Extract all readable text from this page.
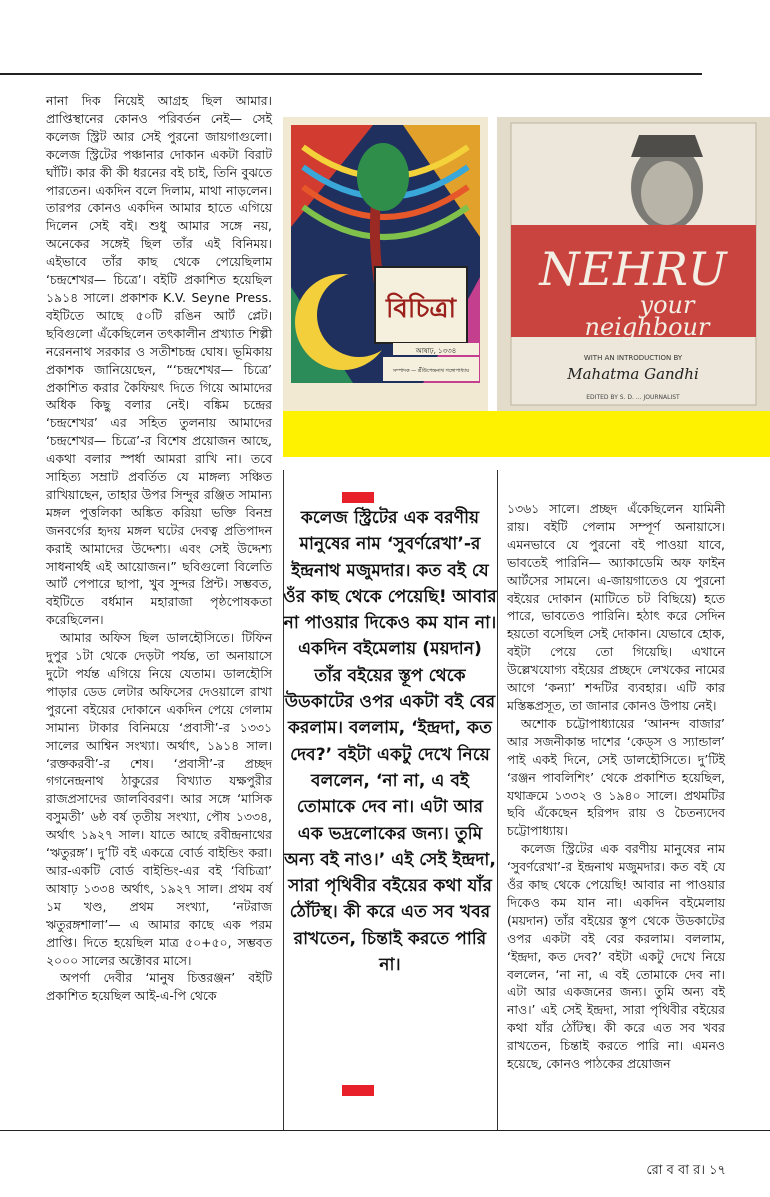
নানা দিক নিয়েই আগ্রহ ছিল আমার। প্রাপ্তিস্থানের কোনও পরিবর্তন নেই— সেই কলেজ স্ট্রিট আর সেই পুরনো জায়গাগুলো। কলেজ স্ট্রিটের পঞ্চানার দোকান একটা বিরাট ঘাঁটি। কার কী কী ধরনের বই চাই, তিনি বুঝতে পারতেন। একদিন বলে দিলাম, মাথা নাড়লেন। তারপর কোনও একদিন আমার হাতে এগিয়ে দিলেন সেই বই। শুধু আমার সঙ্গে নয়, অনেকের সঙ্গেই ছিল তাঁর এই বিনিময়। এইভাবে তাঁর কাছ থেকে পেয়েছিলাম ‘চন্দ্রশেখর— চিত্রে’। বইটি প্রকাশিত হয়েছিল ১৯১৪ সালে। প্রকাশক K.V. Seyne Press. বইটিতে আছে ৫০টি রঙিন আর্ট প্লেট। ছবিগুলো এঁকেছিলেন তৎকালীন প্রখ্যাত শিল্পী নরেননাথ সরকার ও সতীশচন্দ্র ঘোষ। ভূমিকায় প্রকাশক জানিয়েছেন, “‘চন্দ্রশেখর— চিত্রে’ প্রকাশিত করার কৈফিয়ৎ দিতে গিয়ে আমাদের অধিক কিছু বলার নেই। বঙ্কিম চন্দ্রের ‘চন্দ্রশেখর’ এর সহিত তুলনায় আমাদের ‘চন্দ্রশেখর— চিত্রে’-র বিশেষ প্রয়োজন আছে, একথা বলার স্পর্ধা আমরা রাখি না। তবে সাহিত্য সম্রাট প্রবর্তিত যে মাঙ্গল্য সঞ্চিত রাখিয়াছেন, তাহার উপর সিন্দুর রঞ্জিত সামান্য মঙ্গল পুত্তলিকা অঙ্কিত করিয়া ভক্তি বিনম্র জনবর্গের হৃদয় মঙ্গল ঘটের দেবত্ব প্রতিপাদন করাই আমাদের উদ্দেশ্য। এবং সেই উদ্দেশ্য সাধনার্থই এই আয়োজন।” ছবিগুলো বিলেতি আর্ট পেপারে ছাপা, খুব সুন্দর প্রিন্ট। সম্ভবত, বইটিতে বর্ধমান মহারাজা পৃষ্ঠপোষকতা করেছিলেন।

আমার অফিস ছিল ডালহৌসিতে। টিফিন দুপুর ১টা থেকে দেড়টা পর্যন্ত, তা অনায়াসে দুটো পর্যন্ত এগিয়ে নিয়ে যেতাম। ডালহৌসি পাড়ার ডেড লেটার অফিসের দেওয়ালে রাখা পুরনো বইয়ের দোকানে একদিন পেয়ে গেলাম সামান্য টাকার বিনিময়ে ‘প্রবাসী’-র ১৩৩১ সালের আশ্বিন সংখ্যা। অর্থাৎ, ১৯১৪ সাল। ‘রক্তকরবী’-র শেষ। ‘প্রবাসী’-র প্রচ্ছদ গগনেন্দ্রনাথ ঠাকুরের বিখ্যাত যক্ষপুরীর রাজপ্রসাদের জালবিবরণ। আর সঙ্গে ‘মাসিক বসুমতী’ ৬ষ্ঠ বর্ষ তৃতীয় সংখ্যা, পৌষ ১৩৩৪, অর্থাৎ ১৯২৭ সাল। যাতে আছে রবীন্দ্রনাথের ‘ঋতুরঙ্গ’। দু’টি বই একত্রে বোর্ড বাইন্ডিং করা। আর-একটি বোর্ড বাইন্ডিং-এর বই ‘বিচিত্রা’ আষাঢ় ১৩৩৪ অর্থাৎ, ১৯২৭ সাল। প্রথম বর্ষ ১ম খণ্ড, প্রথম সংখ্যা, ‘নটরাজ ঋতুরঙ্গশালা’— এ আমার কাছে এক পরম প্রাপ্তি। দিতে হয়েছিল মাত্র ৫০+৫০, সম্ভবত ২০০০ সালের অক্টোবর মাসে।

অপর্ণা দেবীর ‘মানুষ চিত্তরঞ্জন’ বইটি প্রকাশিত হয়েছিল আই-এ-পি থেকে

বিচিত্রা
আষাঢ়, ১৩৩৪
সম্পাদক — শ্রীউপেন্দ্রনাথ গঙ্গোপাধ্যায়
NEHRU
your
neighbour
WITH AN INTRODUCTION BY
Mahatma Gandhi
EDITED BY S. D. ... JOURNALIST
কলেজ স্ট্রিটের এক বরণীয় মানুষের নাম ‘সুবর্ণরেখা’-র ইন্দ্রনাথ মজুমদার। কত বই যে ওঁর কাছ থেকে পেয়েছি! আবার না পাওয়ার দিকেও কম যান না। একদিন বইমেলায় (ময়দান) তাঁর বইয়ের স্তূপ থেকে উডকাটের ওপর একটা বই বের করলাম। বললাম, ‘ইন্দ্রদা, কত দেব?’ বইটা একটু দেখে নিয়ে বললেন, ‘না না, এ বই তোমাকে দেব না। এটা আর এক ভদ্রলোকের জন্য। তুমি অন্য বই নাও।’ এই সেই ইন্দ্রদা, সারা পৃথিবীর বইয়ের কথা যাঁর ঠোঁটস্থ। কী করে এত সব খবর রাখতেন, চিন্তাই করতে পারি না।

১৩৬১ সালে। প্রচ্ছদ এঁকেছিলেন যামিনী রায়। বইটি পেলাম সম্পূর্ণ অনায়াসে। এমনভাবে যে পুরনো বই পাওয়া যাবে, ভাবতেই পারিনি— অ্যাকাডেমি অফ ফাইন আর্টসের সামনে। এ-জায়গাতেও যে পুরনো বইয়ের দোকান (মাটিতে চট বিছিয়ে) হতে পারে, ভাবতেও পারিনি। হঠাৎ করে সেদিন হয়তো বসেছিল সেই দোকান। যেভাবে হোক, বইটা পেয়ে তো গিয়েছি। এখানে উল্লেখযোগ্য বইয়ের প্রচ্ছদে লেখকের নামের আগে ‘কন্যা’ শব্দটির ব্যবহার। এটি কার মস্তিষ্কপ্রসূত, তা জানার কোনও উপায় নেই।

অশোক চট্টোপাধ্যায়ের ‘আনন্দ বাজার’ আর সজনীকান্ত দাশের ‘কেড্স ও স্যান্ডাল’ পাই একই দিনে, সেই ডালহৌসিতে। দু’টিই ‘রঞ্জন পাবলিশিং’ থেকে প্রকাশিত হয়েছিল, যথাক্রমে ১৩৩২ ও ১৯৪০ সালে। প্রথমটির ছবি এঁকেছেন হরিপদ রায় ও চৈতন্যদেব চট্টোপাধ্যায়।

কলেজ স্ট্রিটের এক বরণীয় মানুষের নাম ‘সুবর্ণরেখা’-র ইন্দ্রনাথ মজুমদার। কত বই যে ওঁর কাছ থেকে পেয়েছি! আবার না পাওয়ার দিকেও কম যান না। একদিন বইমেলায় (ময়দান) তাঁর বইয়ের স্তূপ থেকে উডকাটের ওপর একটা বই বের করলাম। বললাম, ‘ইন্দ্রদা, কত দেব?’ বইটা একটু দেখে নিয়ে বললেন, ‘না না, এ বই তোমাকে দেব না। এটা আর একজনের জন্য। তুমি অন্য বই নাও।’ এই সেই ইন্দ্রদা, সারা পৃথিবীর বইয়ের কথা যাঁর ঠোঁটস্থ। কী করে এত সব খবর রাখতেন, চিন্তাই করতে পারি না। এমনও হয়েছে, কোনও পাঠকের প্রয়োজন

রো ব বা র। ১৭
